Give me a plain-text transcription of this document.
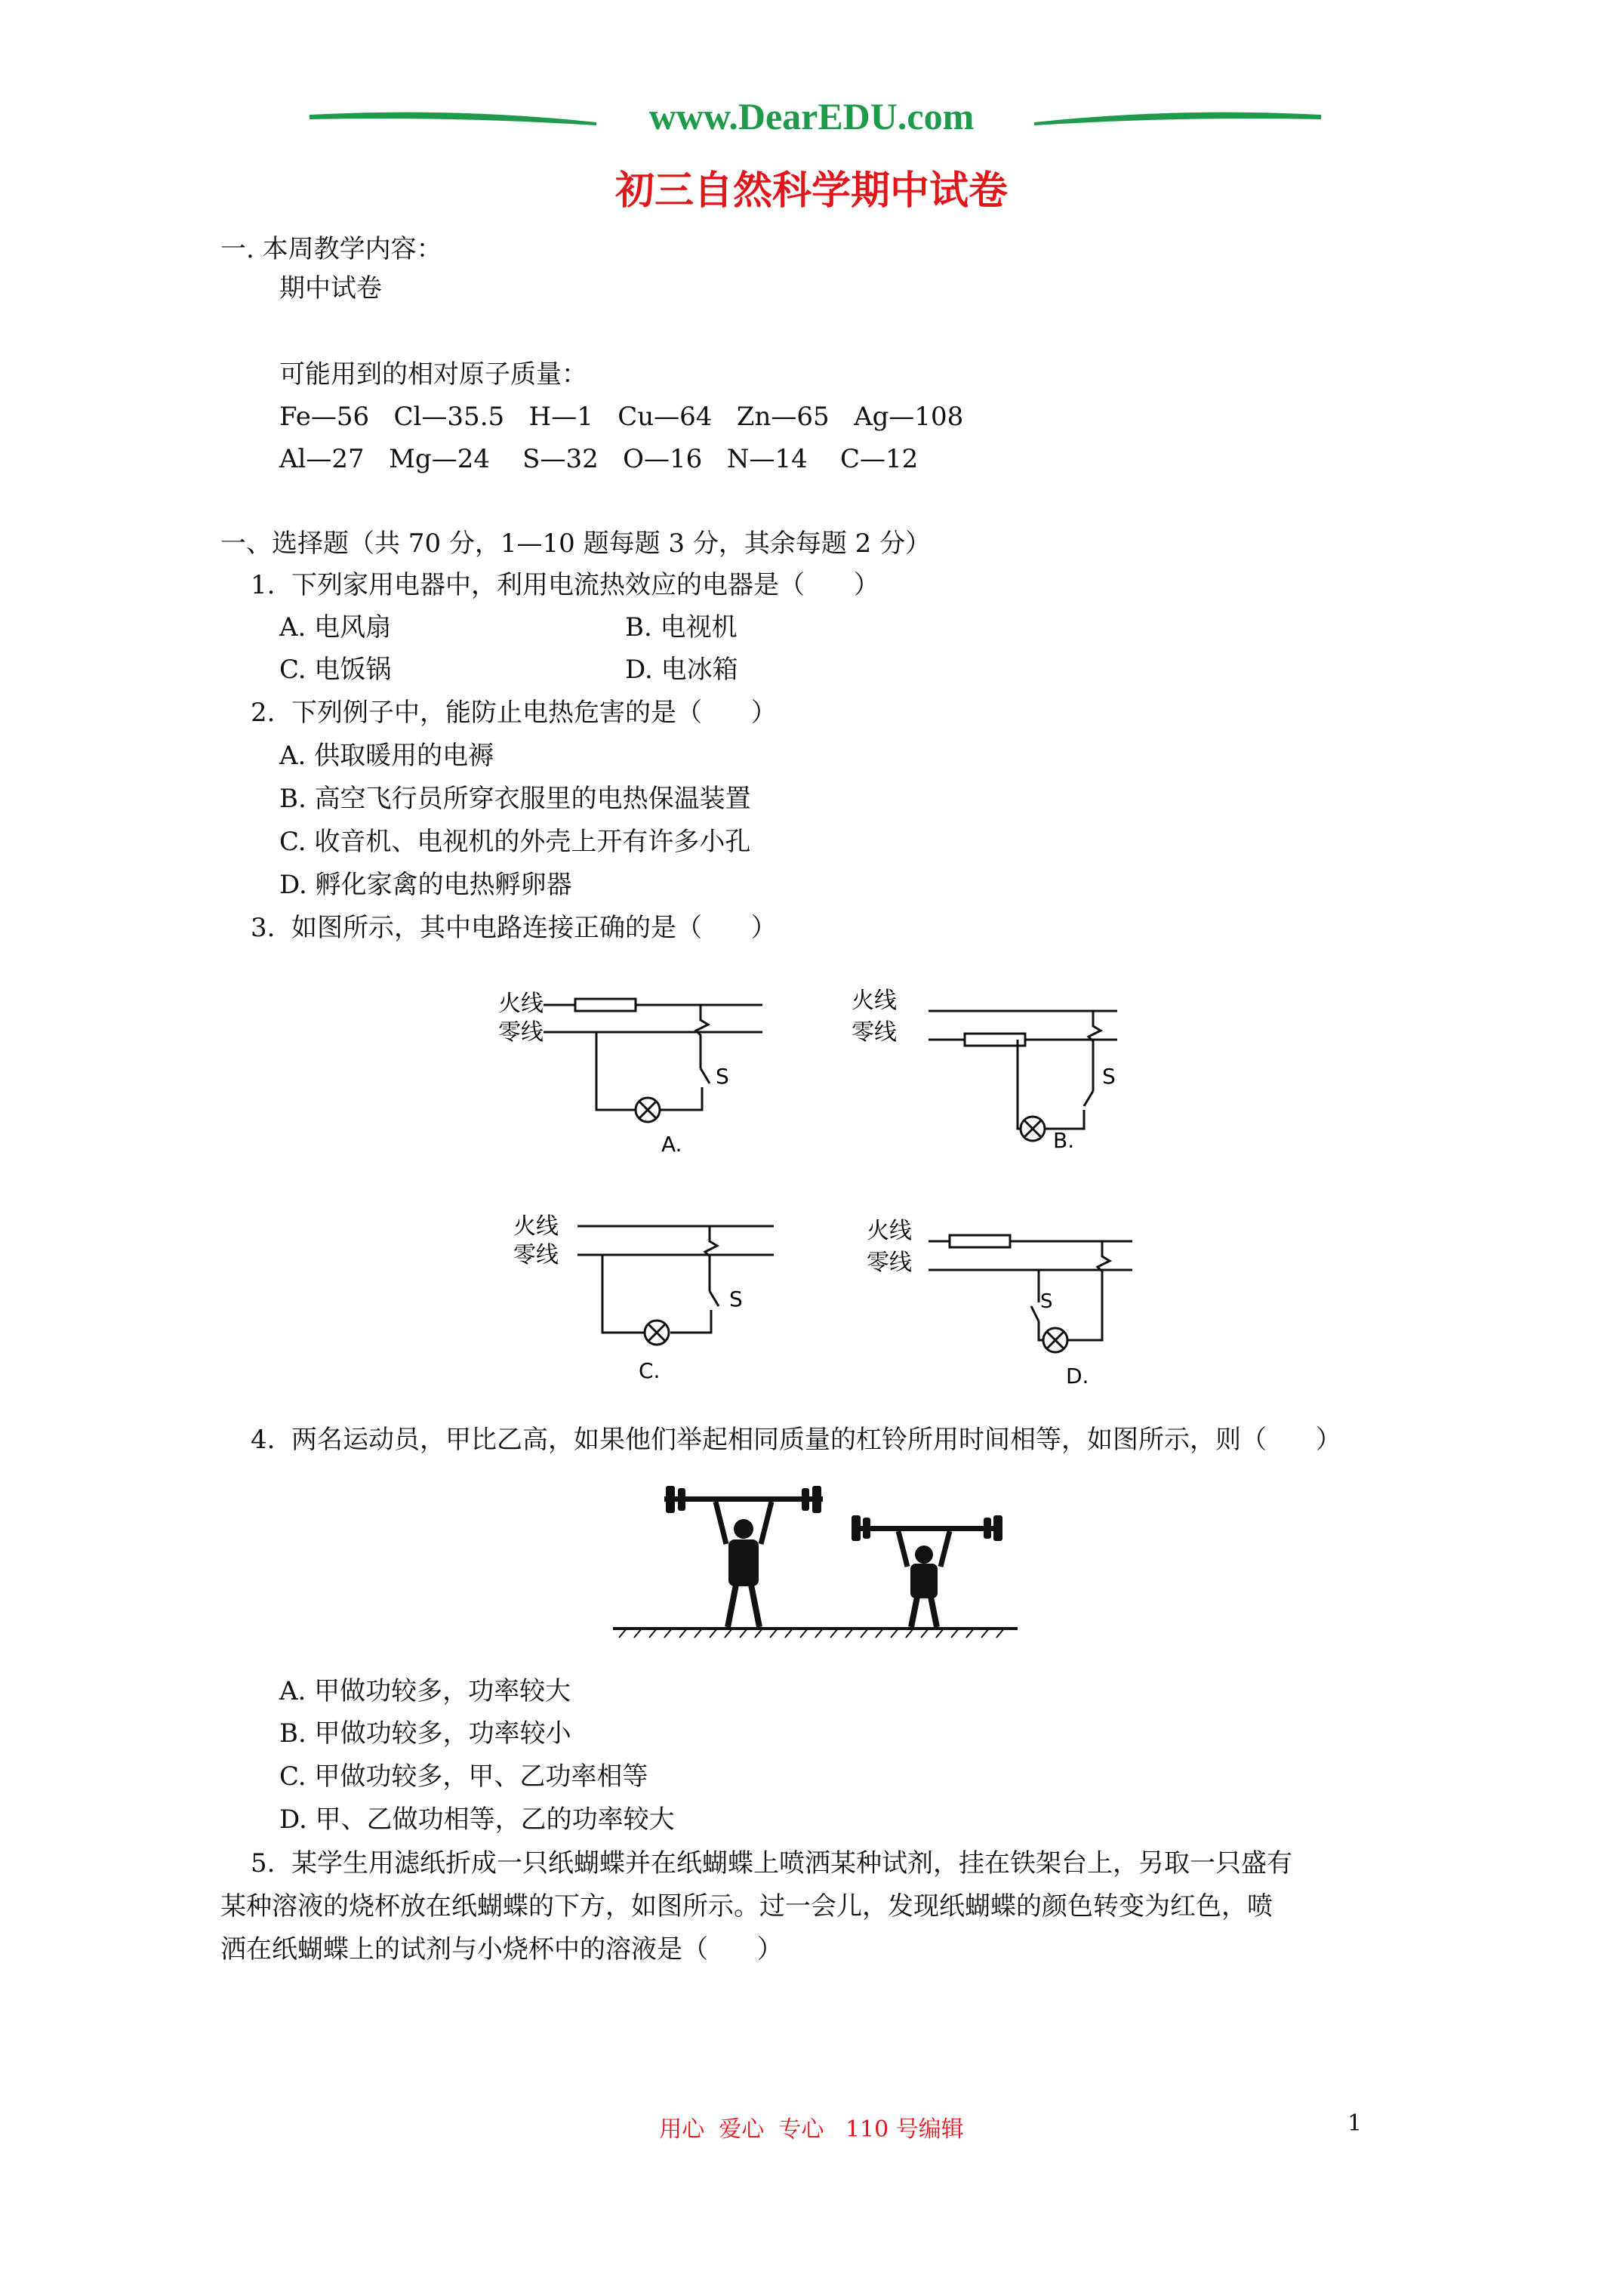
www.DearEDU.com
初三自然科学期中试卷
一. 本周教学内容：
期中试卷
可能用到的相对原子质量：
Fe—56   Cl—35.5   H—1   Cu—64   Zn—65   Ag—108
Al—27   Mg—24    S—32   O—16   N—14    C—12
一、选择题（共 70 分，1—10 题每题 3 分，其余每题 2 分）
1.  下列家用电器中，利用电流热效应的电器是（      ）
A. 电风扇	B. 电视机
C. 电饭锅	D. 电冰箱
2.  下列例子中，能防止电热危害的是（      ）
A. 供取暖用的电褥
B. 高空飞行员所穿衣服里的电热保温装置
C. 收音机、电视机的外壳上开有许多小孔
D. 孵化家禽的电热孵卵器
3.  如图所示，其中电路连接正确的是（      ）
火线
零线
S
A.
火线
零线
S
B.
火线
零线
S
C.
火线
零线
S
D.
4.  两名运动员，甲比乙高，如果他们举起相同质量的杠铃所用时间相等，如图所示，则（      ）
A. 甲做功较多，功率较大
B. 甲做功较多，功率较小
C. 甲做功较多，甲、乙功率相等
D. 甲、乙做功相等，乙的功率较大
5.  某学生用滤纸折成一只纸蝴蝶并在纸蝴蝶上喷洒某种试剂，挂在铁架台上，另取一只盛有
某种溶液的烧杯放在纸蝴蝶的下方，如图所示。过一会儿，发现纸蝴蝶的颜色转变为红色，喷
洒在纸蝴蝶上的试剂与小烧杯中的溶液是（      ）
用心  爱心  专心   110 号编辑	1
